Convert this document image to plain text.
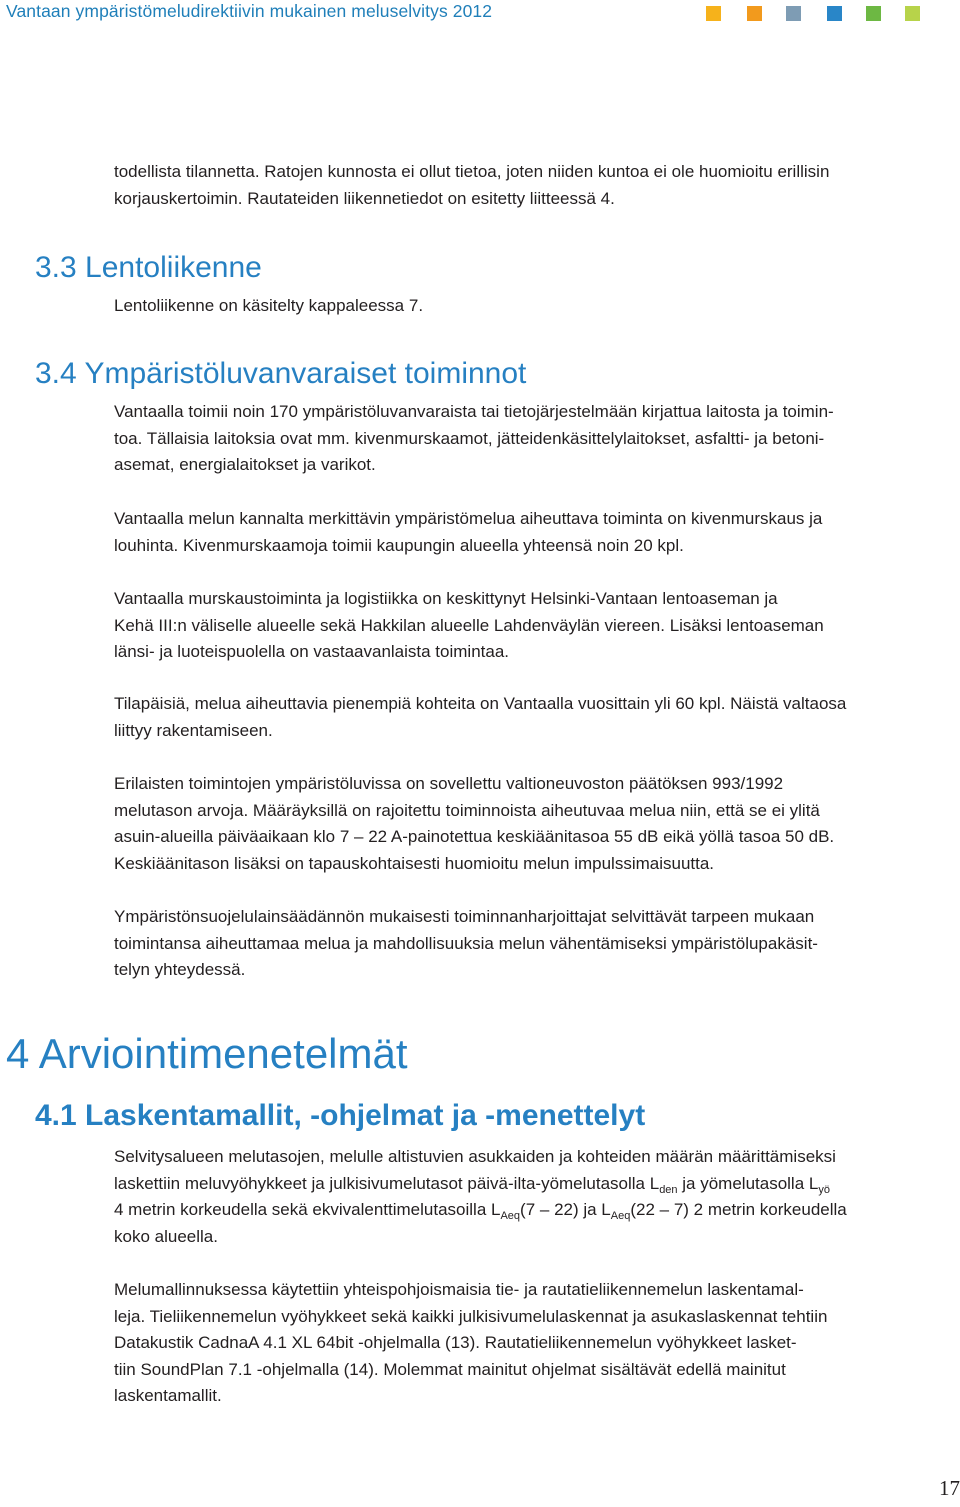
Vantaan ympäristömeludirektiivin mukainen meluselvitys 2012

todellista tilannetta. Ratojen kunnosta ei ollut tietoa, joten niiden kuntoa ei ole huomioitu erillisin
korjauskertoimin. Rautateiden liikennetiedot on esitetty liitteessä 4.

3.3 Lentoliikenne

Lentoliikenne on käsitelty kappaleessa 7.

3.4 Ympäristöluvanvaraiset toiminnot

Vantaalla toimii noin 170 ympäristöluvanvaraista tai tietojärjestelmään kirjattua laitosta ja toimin-
toa. Tällaisia laitoksia ovat mm. kivenmurskaamot, jätteidenkäsittelylaitokset, asfaltti- ja betoni-
asemat, energialaitokset ja varikot.

Vantaalla melun kannalta merkittävin ympäristömelua aiheuttava toiminta on kivenmurskaus ja
louhinta. Kivenmurskaamoja toimii kaupungin alueella yhteensä noin 20 kpl.

Vantaalla murskaustoiminta ja logistiikka on keskittynyt Helsinki-Vantaan lentoaseman ja
Kehä III:n väliselle alueelle sekä Hakkilan alueelle Lahdenväylän viereen. Lisäksi lentoaseman
länsi- ja luoteispuolella on vastaavanlaista toimintaa.

Tilapäisiä, melua aiheuttavia pienempiä kohteita on Vantaalla vuosittain yli 60 kpl. Näistä valtaosa
liittyy rakentamiseen.

Erilaisten toimintojen ympäristöluvissa on sovellettu valtioneuvoston päätöksen 993/1992
melutason arvoja. Määräyksillä on rajoitettu toiminnoista aiheutuvaa melua niin, että se ei ylitä
asuin-alueilla päiväaikaan klo 7 – 22 A-painotettua keskiäänitasoa 55 dB eikä yöllä tasoa 50 dB.
Keskiäänitason lisäksi on tapauskohtaisesti huomioitu melun impulssimaisuutta.

Ympäristönsuojelulainsäädännön mukaisesti toiminnanharjoittajat selvittävät tarpeen mukaan
toimintansa aiheuttamaa melua ja mahdollisuuksia melun vähentämiseksi ympäristölupakäsit-
telyn yhteydessä.

4 Arviointimenetelmät
4.1 Laskentamallit, -ohjelmat ja -menettelyt

Selvitysalueen melutasojen, melulle altistuvien asukkaiden ja kohteiden määrän määrittämiseksi
laskettiin meluvyöhykkeet ja julkisivumelutasot päivä-ilta-yömelutasolla $L_{den}$ ja yömelutasolla $L_{yö}$
4 metrin korkeudella sekä ekvivalenttimelutasoilla $L_{Aeq}(7 - 22)$ ja $L_{Aeq}(22 - 7)$ 2 metrin korkeudella
koko alueella.

Melumallinnuksessa käytettiin yhteispohjoismaisia tie- ja rautatieliikennemelun laskentamal-
leja. Tieliikennemelun vyöhykkeet sekä kaikki julkisivumelulaskennat ja asukaslaskennat tehtiin
Datakustik CadnaA 4.1 XL 64bit -ohjelmalla (13). Rautatieliikennemelun vyöhykkeet lasket-
tiin SoundPlan 7.1 -ohjelmalla (14). Molemmat mainitut ohjelmat sisältävät edellä mainitut
laskentamallit.

17
